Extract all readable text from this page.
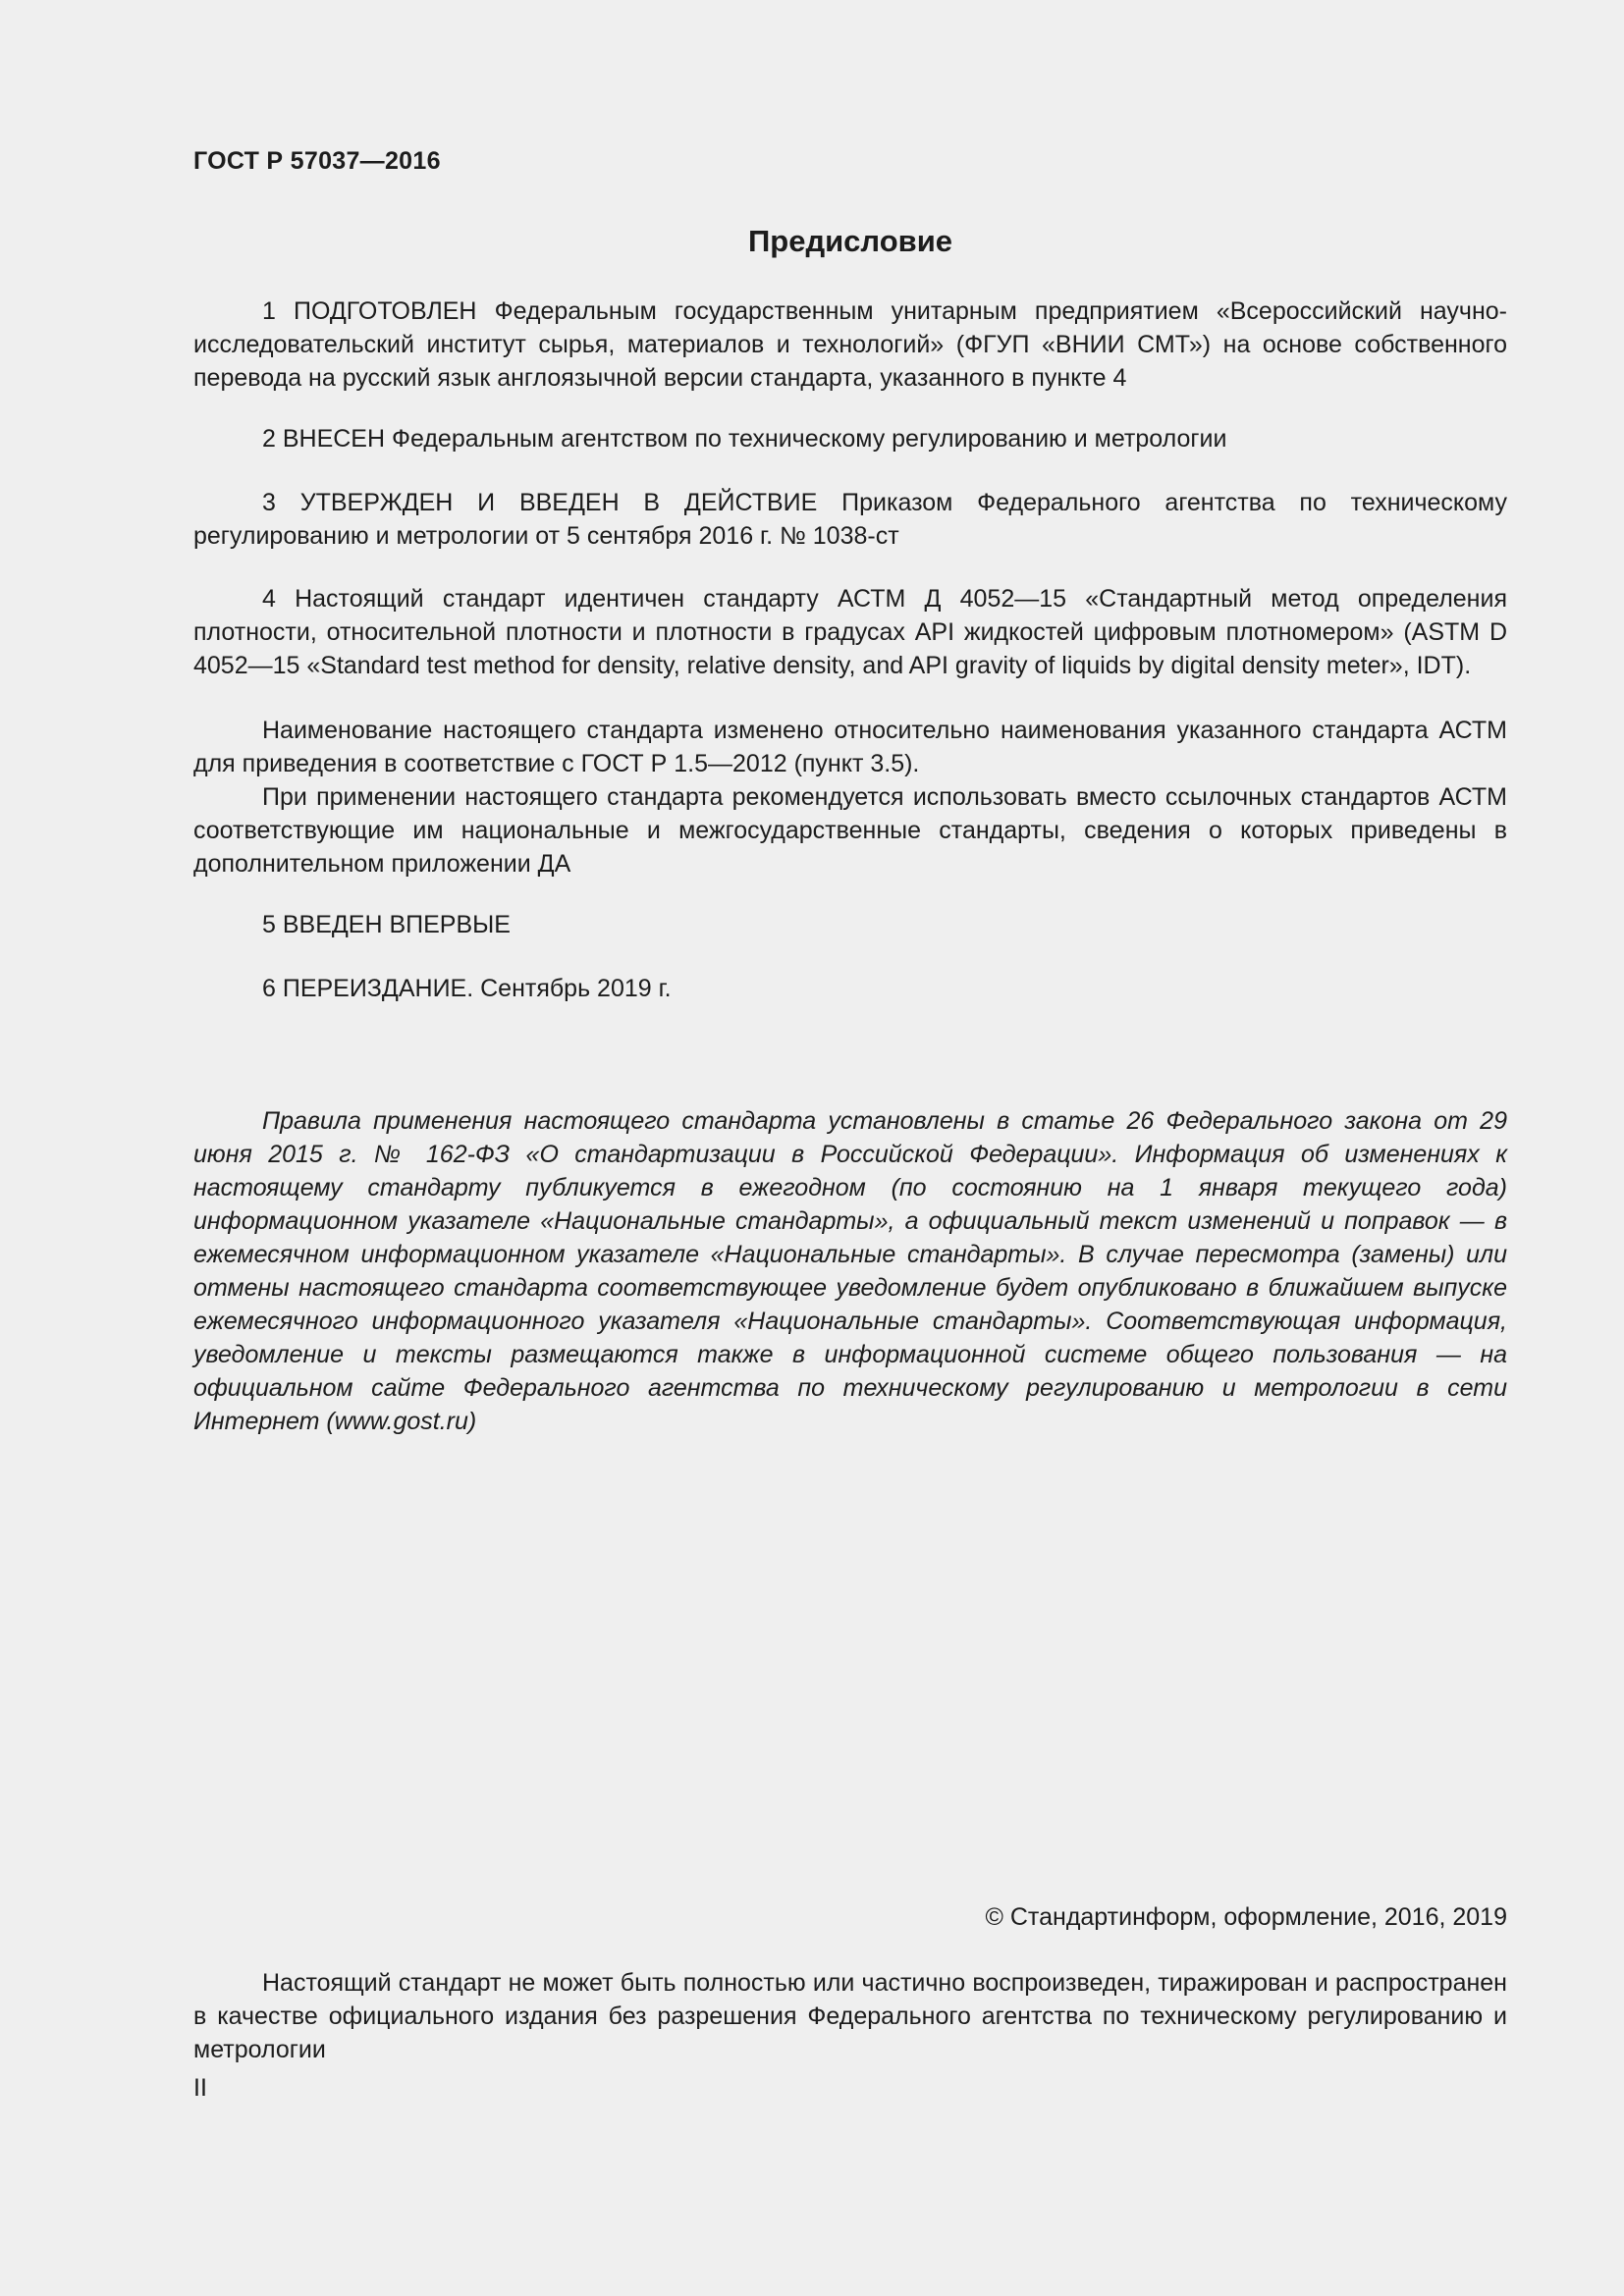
ГОСТ Р 57037—2016
Предисловие

1 ПОДГОТОВЛЕН Федеральным государственным унитарным предприятием «Всероссийский научно-исследовательский институт сырья, материалов и технологий» (ФГУП «ВНИИ СМТ») на основе собственного перевода на русский язык англоязычной версии стандарта, указанного в пункте 4

2 ВНЕСЕН Федеральным агентством по техническому регулированию и метрологии

3 УТВЕРЖДЕН И ВВЕДЕН В ДЕЙСТВИЕ Приказом Федерального агентства по техническому регулированию и метрологии от 5 сентября 2016 г. № 1038-ст

4 Настоящий стандарт идентичен стандарту АСТМ Д 4052—15 «Стандартный метод определения плотности, относительной плотности и плотности в градусах API жидкостей цифровым плотномером» (ASTM D 4052—15 «Standard test method for density, relative density, and API gravity of liquids by digital density meter», IDT).

Наименование настоящего стандарта изменено относительно наименования указанного стандарта АСТМ для приведения в соответствие с ГОСТ Р 1.5—2012 (пункт 3.5).

При применении настоящего стандарта рекомендуется использовать вместо ссылочных стандартов АСТМ соответствующие им национальные и межгосударственные стандарты, сведения о которых приведены в дополнительном приложении ДА

5 ВВЕДЕН ВПЕРВЫЕ

6 ПЕРЕИЗДАНИЕ. Сентябрь 2019 г.

Правила применения настоящего стандарта установлены в статье 26 Федерального закона от 29 июня 2015 г. № 162-ФЗ «О стандартизации в Российской Федерации». Информация об изменениях к настоящему стандарту публикуется в ежегодном (по состоянию на 1 января текущего года) информационном указателе «Национальные стандарты», а официальный текст изменений и поправок — в ежемесячном информационном указателе «Национальные стандарты». В случае пересмотра (замены) или отмены настоящего стандарта соответствующее уведомление будет опубликовано в ближайшем выпуске ежемесячного информационного указателя «Национальные стандарты». Соответствующая информация, уведомление и тексты размещаются также в информационной системе общего пользования — на официальном сайте Федерального агентства по техническому регулированию и метрологии в сети Интернет (www.gost.ru)

© Стандартинформ, оформление, 2016, 2019

Настоящий стандарт не может быть полностью или частично воспроизведен, тиражирован и распространен в качестве официального издания без разрешения Федерального агентства по техническому регулированию и метрологии

II
